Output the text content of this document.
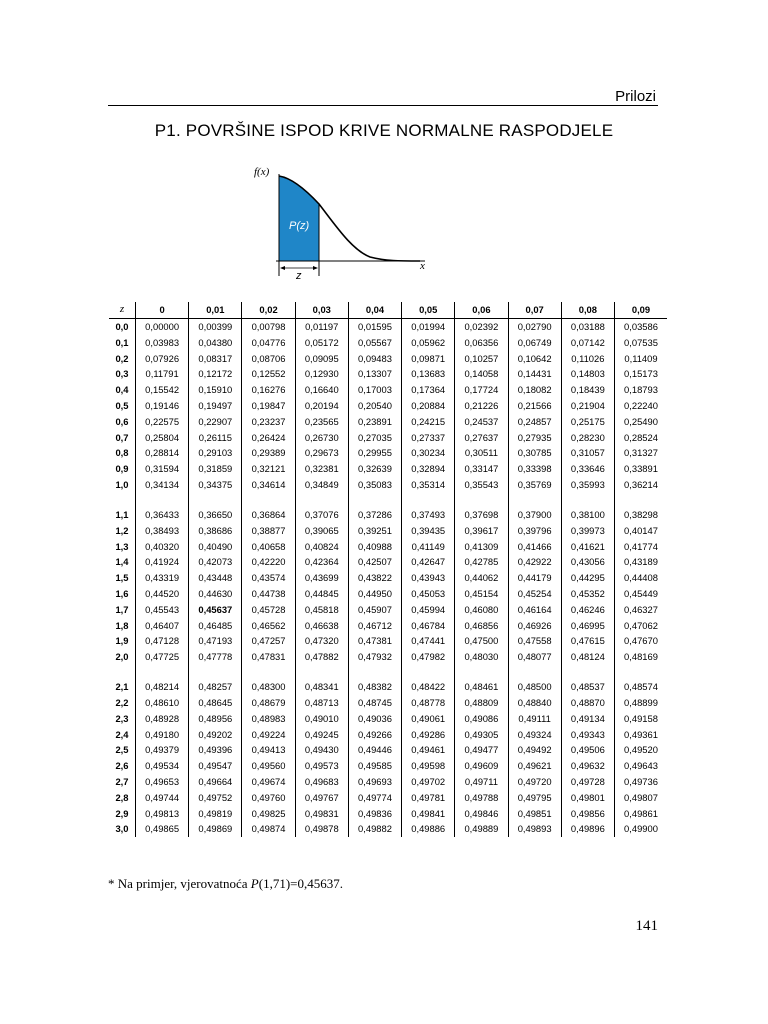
Prilozi
P1. POVRŠINE ISPOD KRIVE NORMALNE RASPODJELE
f(x)
P(z)
z
x
z	0	0,01	0,02	0,03	0,04	0,05	0,06	0,07	0,08	0,09
0,0	0,00000	0,00399	0,00798	0,01197	0,01595	0,01994	0,02392	0,02790	0,03188	0,03586
0,1	0,03983	0,04380	0,04776	0,05172	0,05567	0,05962	0,06356	0,06749	0,07142	0,07535
0,2	0,07926	0,08317	0,08706	0,09095	0,09483	0,09871	0,10257	0,10642	0,11026	0,11409
0,3	0,11791	0,12172	0,12552	0,12930	0,13307	0,13683	0,14058	0,14431	0,14803	0,15173
0,4	0,15542	0,15910	0,16276	0,16640	0,17003	0,17364	0,17724	0,18082	0,18439	0,18793
0,5	0,19146	0,19497	0,19847	0,20194	0,20540	0,20884	0,21226	0,21566	0,21904	0,22240
0,6	0,22575	0,22907	0,23237	0,23565	0,23891	0,24215	0,24537	0,24857	0,25175	0,25490
0,7	0,25804	0,26115	0,26424	0,26730	0,27035	0,27337	0,27637	0,27935	0,28230	0,28524
0,8	0,28814	0,29103	0,29389	0,29673	0,29955	0,30234	0,30511	0,30785	0,31057	0,31327
0,9	0,31594	0,31859	0,32121	0,32381	0,32639	0,32894	0,33147	0,33398	0,33646	0,33891
1,0	0,34134	0,34375	0,34614	0,34849	0,35083	0,35314	0,35543	0,35769	0,35993	0,36214
1,1	0,36433	0,36650	0,36864	0,37076	0,37286	0,37493	0,37698	0,37900	0,38100	0,38298
1,2	0,38493	0,38686	0,38877	0,39065	0,39251	0,39435	0,39617	0,39796	0,39973	0,40147
1,3	0,40320	0,40490	0,40658	0,40824	0,40988	0,41149	0,41309	0,41466	0,41621	0,41774
1,4	0,41924	0,42073	0,42220	0,42364	0,42507	0,42647	0,42785	0,42922	0,43056	0,43189
1,5	0,43319	0,43448	0,43574	0,43699	0,43822	0,43943	0,44062	0,44179	0,44295	0,44408
1,6	0,44520	0,44630	0,44738	0,44845	0,44950	0,45053	0,45154	0,45254	0,45352	0,45449
1,7	0,45543	0,45637	0,45728	0,45818	0,45907	0,45994	0,46080	0,46164	0,46246	0,46327
1,8	0,46407	0,46485	0,46562	0,46638	0,46712	0,46784	0,46856	0,46926	0,46995	0,47062
1,9	0,47128	0,47193	0,47257	0,47320	0,47381	0,47441	0,47500	0,47558	0,47615	0,47670
2,0	0,47725	0,47778	0,47831	0,47882	0,47932	0,47982	0,48030	0,48077	0,48124	0,48169
2,1	0,48214	0,48257	0,48300	0,48341	0,48382	0,48422	0,48461	0,48500	0,48537	0,48574
2,2	0,48610	0,48645	0,48679	0,48713	0,48745	0,48778	0,48809	0,48840	0,48870	0,48899
2,3	0,48928	0,48956	0,48983	0,49010	0,49036	0,49061	0,49086	0,49111	0,49134	0,49158
2,4	0,49180	0,49202	0,49224	0,49245	0,49266	0,49286	0,49305	0,49324	0,49343	0,49361
2,5	0,49379	0,49396	0,49413	0,49430	0,49446	0,49461	0,49477	0,49492	0,49506	0,49520
2,6	0,49534	0,49547	0,49560	0,49573	0,49585	0,49598	0,49609	0,49621	0,49632	0,49643
2,7	0,49653	0,49664	0,49674	0,49683	0,49693	0,49702	0,49711	0,49720	0,49728	0,49736
2,8	0,49744	0,49752	0,49760	0,49767	0,49774	0,49781	0,49788	0,49795	0,49801	0,49807
2,9	0,49813	0,49819	0,49825	0,49831	0,49836	0,49841	0,49846	0,49851	0,49856	0,49861
3,0	0,49865	0,49869	0,49874	0,49878	0,49882	0,49886	0,49889	0,49893	0,49896	0,49900
* Na primjer, vjerovatnoća P(1,71)=0,45637.
141
